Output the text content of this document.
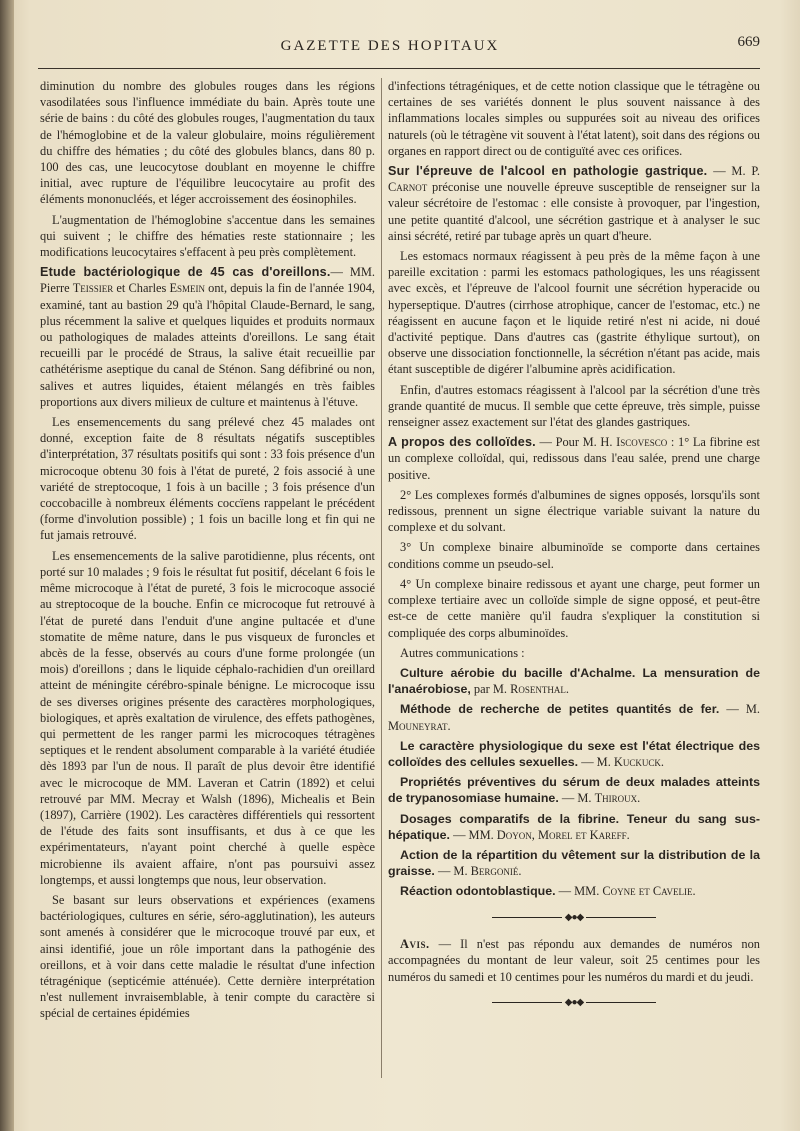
GAZETTE DES HOPITAUX	669

diminution du nombre des globules rouges dans les régions vasodilatées sous l'influence immédiate du bain. Après toute une série de bains : du côté des globules rouges, l'augmentation du taux de l'hémoglobine et de la valeur globulaire, moins régulièrement du chiffre des hématies ; du côté des globules blancs, dans 80 p. 100 des cas, une leucocytose doublant en moyenne le chiffre initial, avec rupture de l'équilibre leucocytaire au profit des éléments mononucléés, et léger accroissement des éosinophiles.

L'augmentation de l'hémoglobine s'accentue dans les semaines qui suivent ; le chiffre des hématies reste stationnaire ; les modifications leucocytaires s'effacent à peu près complètement.

Etude bactériologique de 45 cas d'oreillons.— MM. Pierre Teissier et Charles Esmein ont, depuis la fin de l'année 1904, examiné, tant au bastion 29 qu'à l'hôpital Claude-Bernard, le sang, plus récemment la salive et quelques liquides et produits normaux ou pathologiques de malades atteints d'oreillons. Le sang était recueilli par le procédé de Straus, la salive était recueillie par cathétérisme aseptique du canal de Sténon. Sang défibriné ou non, salives et autres liquides, étaient mélangés en très faibles proportions aux divers milieux de culture et maintenus à l'étuve.

Les ensemencements du sang prélevé chez 45 malades ont donné, exception faite de 8 résultats négatifs susceptibles d'interprétation, 37 résultats positifs qui sont : 33 fois présence d'un microcoque obtenu 30 fois à l'état de pureté, 2 fois associé à une variété de streptocoque, 1 fois à un bacille ; 3 fois présence d'un coccobacille à nombreux éléments coccïens rappelant le précédent (forme d'involution possible) ; 1 fois un bacille long et fin qui ne fut jamais retrouvé.

Les ensemencements de la salive parotidienne, plus récents, ont porté sur 10 malades ; 9 fois le résultat fut positif, décelant 6 fois le même microcoque à l'état de pureté, 3 fois le microcoque associé au streptocoque de la bouche. Enfin ce microcoque fut retrouvé à l'état de pureté dans l'enduit d'une angine pultacée et d'une stomatite de même nature, dans le pus visqueux de furoncles et abcès de la fesse, observés au cours d'une forme prolongée (un mois) d'oreillons ; dans le liquide céphalo-rachidien d'un oreillard atteint de méningite cérébro-spinale bénigne. Le microcoque issu de ses diverses origines présente des caractères morphologiques, biologiques, et après exaltation de virulence, des effets pathogènes, qui permettent de les ranger parmi les microcoques tétragènes septiques et le rendent absolument comparable à la variété étudiée dès 1893 par l'un de nous. Il paraît de plus devoir être identifié avec le microcoque de MM. Laveran et Catrin (1892) et celui retrouvé par MM. Mecray et Walsh (1896), Michealis et Bein (1897), Carrière (1902). Les caractères différentiels qui ressortent de l'étude des faits sont insuffisants, et dus à ce que les expérimentateurs, n'ayant point cherché à quelle espèce microbienne ils avaient affaire, n'ont pas poursuivi assez longtemps, et aussi longtemps que nous, leur observation.

Se basant sur leurs observations et expériences (examens bactériologiques, cultures en série, séro-agglutination), les auteurs sont amenés à considérer que le microcoque trouvé par eux, et ainsi identifié, joue un rôle important dans la pathogénie des oreillons, et à voir dans cette maladie le résultat d'une infection tétragénique (septicémie atténuée). Cette dernière interprétation n'est nullement invraisemblable, à tenir compte du caractère si spécial de certaines épidémies

d'infections tétragéniques, et de cette notion classique que le tétragène ou certaines de ses variétés donnent le plus souvent naissance à des inflammations locales simples ou suppurées soit au niveau des orifices naturels (où le tétragène vit souvent à l'état latent), soit dans des régions ou organes en rapport direct ou de contiguïté avec ces orifices.

Sur l'épreuve de l'alcool en pathologie gastrique. — M. P. Carnot préconise une nouvelle épreuve susceptible de renseigner sur la valeur sécrétoire de l'estomac : elle consiste à provoquer, par l'ingestion, une petite quantité d'alcool, une sécrétion gastrique et à analyser le suc ainsi sécrété, retiré par tubage après un quart d'heure.

Les estomacs normaux réagissent à peu près de la même façon à une pareille excitation : parmi les estomacs pathologiques, les uns réagissent avec excès, et l'épreuve de l'alcool fournit une sécrétion hyperacide ou hyperseptique. D'autres (cirrhose atrophique, cancer de l'estomac, etc.) ne réagissent en aucune façon et le liquide retiré n'est ni acide, ni doué d'activité peptique. Dans d'autres cas (gastrite éthylique surtout), on observe une dissociation fonctionnelle, la sécrétion n'étant pas acide, mais étant susceptible de digérer l'albumine après acidification.

Enfin, d'autres estomacs réagissent à l'alcool par la sécrétion d'une très grande quantité de mucus. Il semble que cette épreuve, très simple, puisse renseigner assez exactement sur l'état des glandes gastriques.

A propos des colloïdes. — Pour M. H. Iscovesco : 1° La fibrine est un complexe colloïdal, qui, redissous dans l'eau salée, prend une charge positive.

2° Les complexes formés d'albumines de signes opposés, lorsqu'ils sont redissous, prennent un signe électrique variable suivant la nature du complexe et du solvant.

3° Un complexe binaire albuminoïde se comporte dans certaines conditions comme un pseudo-sel.

4° Un complexe binaire redissous et ayant une charge, peut former un complexe tertiaire avec un colloïde simple de signe opposé, et peut-être est-ce de cette manière qu'il faudra s'expliquer la constitution si compliquée des corps albuminoïdes.

Autres communications :

Culture aérobie du bacille d'Achalme. La mensuration de l'anaérobiose, par M. Rosenthal.

Méthode de recherche de petites quantités de fer. — M. Mouneyrat.

Le caractère physiologique du sexe est l'état électrique des colloïdes des cellules sexuelles. — M. Kuckuck.

Propriétés préventives du sérum de deux malades atteints de trypanosomiase humaine. — M. Thiroux.

Dosages comparatifs de la fibrine. Teneur du sang sus-hépatique. — MM. Doyon, Morel et Kareff.

Action de la répartition du vêtement sur la distribution de la graisse. — M. Bergonié.

Réaction odontoblastique. — MM. Coyne et Cavelie.

◆●◆

Avis. — Il n'est pas répondu aux demandes de numéros non accompagnées du montant de leur valeur, soit 25 centimes pour les numéros du samedi et 10 centimes pour les numéros du mardi et du jeudi.

◆●◆
